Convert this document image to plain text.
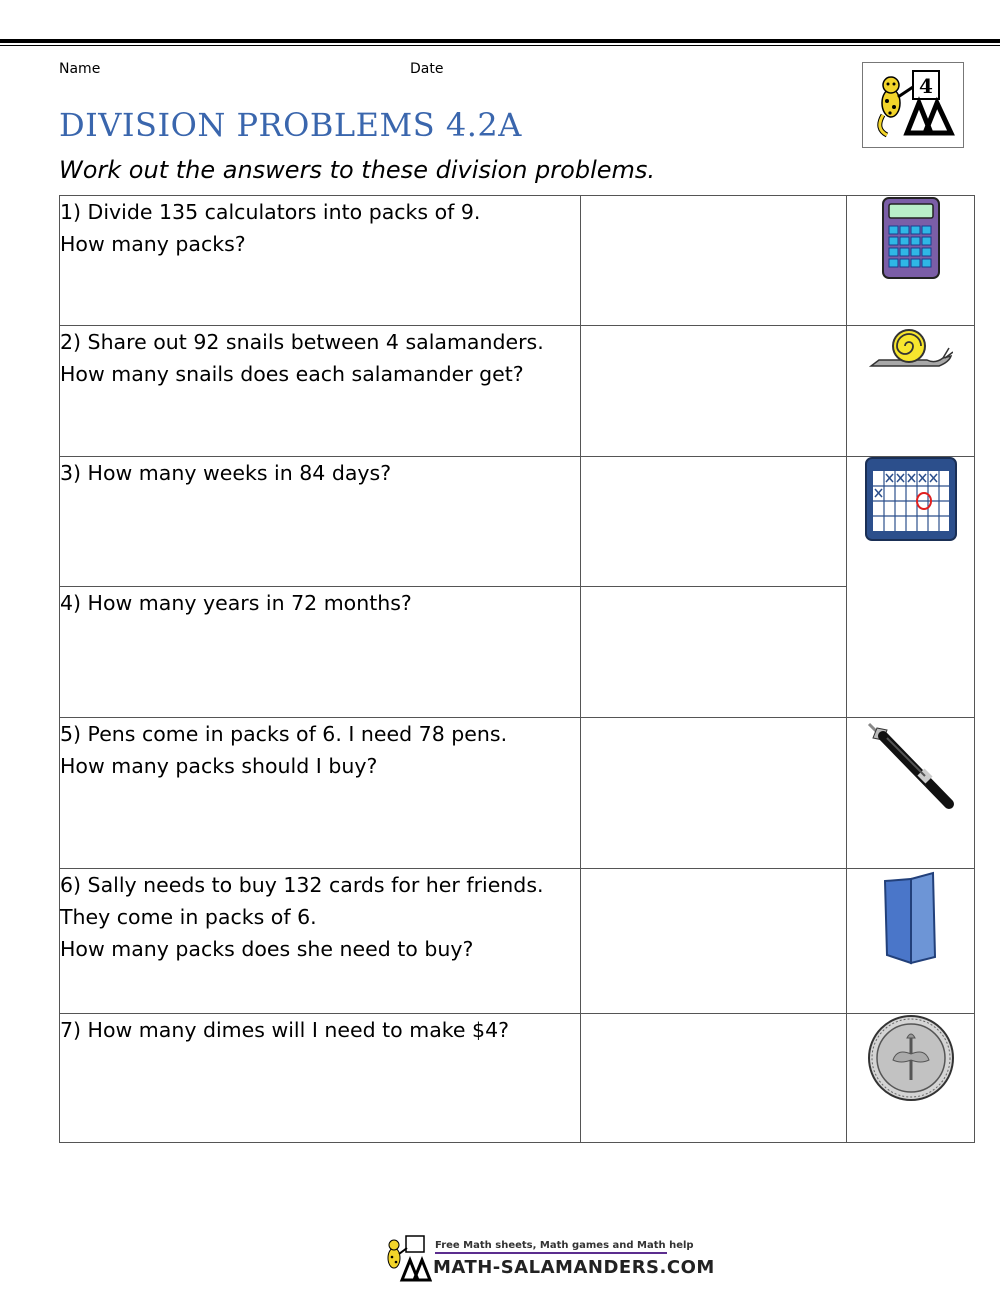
Name	Date
4
DIVISION PROBLEMS 4.2A
Work out the answers to these division problems.
1) Divide 135 calculators into packs of 9.
How many packs?

2) Share out 92 snails between 4 salamanders.
How many snails does each salamander get?

3) How many weeks in 84 days?

4) How many years in 72 months?		

5) Pens come in packs of 6. I need 78 pens.
How many packs should I buy?

6) Sally needs to buy 132 cards for her friends.
They come in packs of 6.
How many packs does she need to buy?

7) How many dimes will I need to make $4?

Free Math sheets, Math games and Math help
MATH-SALAMANDERS.COM
